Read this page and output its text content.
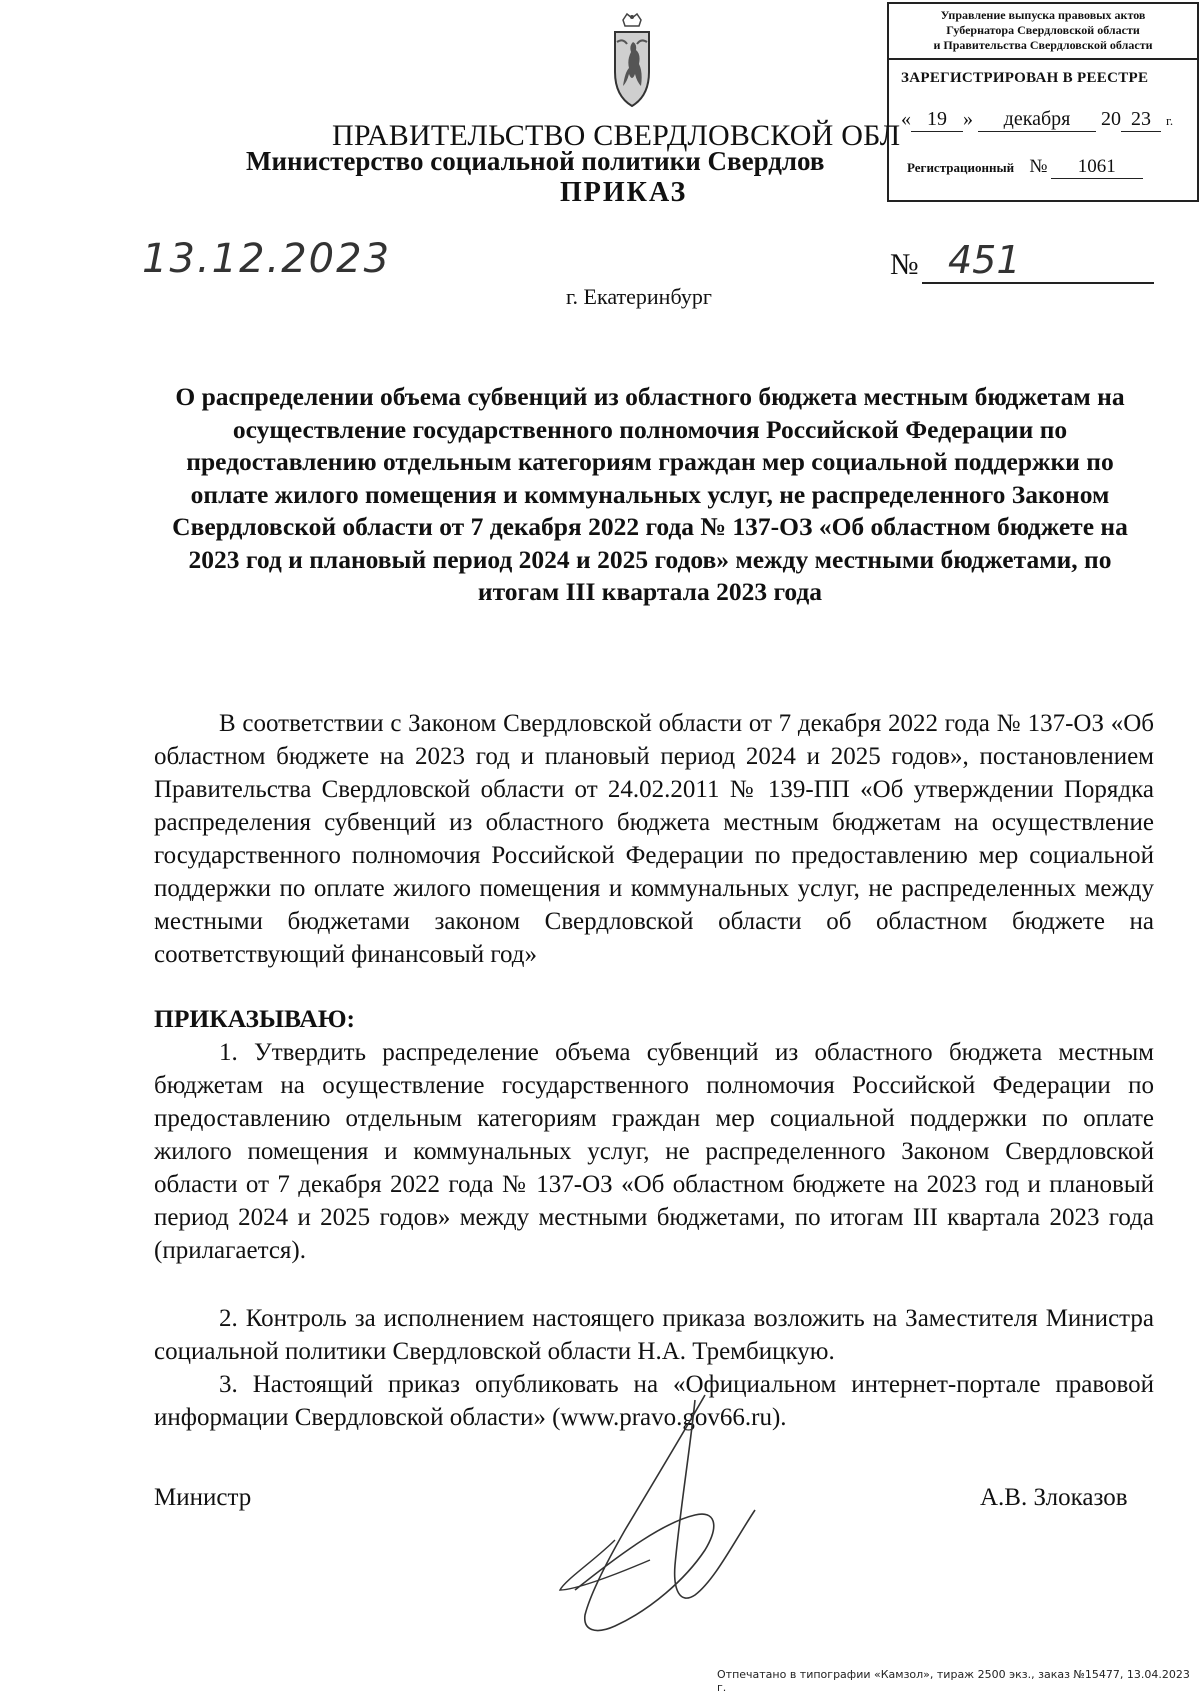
Управление выпуска правовых актов
Губернатора Свердловской области
и Правительства Свердловской области
ЗАРЕГИСТРИРОВАН В РЕЕСТРЕ
« 19 » декабря 20 23 г.
Регистрационный № 1061
ПРАВИТЕЛЬСТВО СВЕРДЛОВСКОЙ ОБЛ
Министерство социальной политики Свердлов
ПРИКАЗ
13.12.2023	№ 451
г. Екатеринбург
О распределении объема субвенций из областного бюджета местным бюджетам на осуществление государственного полномочия Российской Федерации по предоставлению отдельным категориям граждан мер социальной поддержки по оплате жилого помещения и коммунальных услуг, не распределенного Законом Свердловской области от 7 декабря 2022 года № 137-ОЗ «Об областном бюджете на 2023 год и плановый период 2024 и 2025 годов» между местными бюджетами, по итогам III квартала 2023 года
В соответствии с Законом Свердловской области от 7 декабря 2022 года № 137-ОЗ «Об областном бюджете на 2023 год и плановый период 2024 и 2025 годов», постановлением Правительства Свердловской области от 24.02.2011 № 139-ПП «Об утверждении Порядка распределения субвенций из областного бюджета местным бюджетам на осуществление государственного полномочия Российской Федерации по предоставлению мер социальной поддержки по оплате жилого помещения и коммунальных услуг, не распределенных между местными бюджетами законом Свердловской области об областном бюджете на соответствующий финансовый год»
ПРИКАЗЫВАЮ:
1. Утвердить распределение объема субвенций из областного бюджета местным бюджетам на осуществление государственного полномочия Российской Федерации по предоставлению отдельным категориям граждан мер социальной поддержки по оплате жилого помещения и коммунальных услуг, не распределенного Законом Свердловской области от 7 декабря 2022 года № 137-ОЗ «Об областном бюджете на 2023 год и плановый период 2024 и 2025 годов» между местными бюджетами, по итогам III квартала 2023 года (прилагается).
2. Контроль за исполнением настоящего приказа возложить на Заместителя Министра социальной политики Свердловской области Н.А. Трембицкую.
3. Настоящий приказ опубликовать на «Официальном интернет-портале правовой информации Свердловской области» (www.pravo.gov66.ru).
Министр	А.В. Злоказов
Отпечатано в типографии «Камзол», тираж 2500 экз., заказ №15477, 13.04.2023 г.
